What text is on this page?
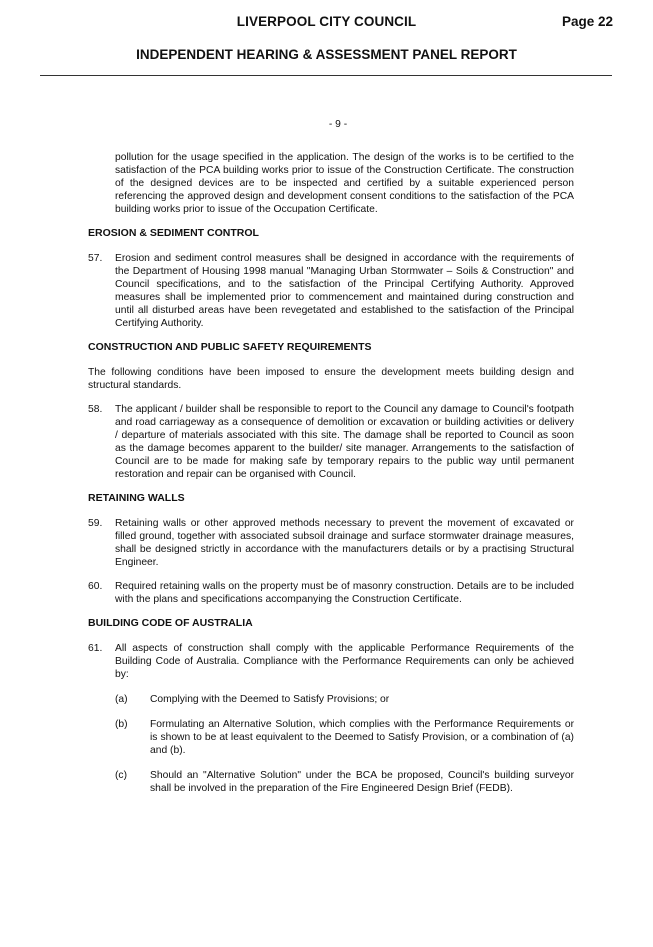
LIVERPOOL CITY COUNCIL	Page 22
INDEPENDENT HEARING & ASSESSMENT PANEL REPORT
- 9 -

pollution for the usage specified in the application. The design of the works is to be certified to the satisfaction of the PCA building works prior to issue of the Construction Certificate. The construction of the designed devices are to be inspected and certified by a suitable experienced person referencing the approved design and development consent conditions to the satisfaction of the PCA building works prior to issue of the Occupation Certificate.

EROSION & SEDIMENT CONTROL
57.	Erosion and sediment control measures shall be designed in accordance with the requirements of the Department of Housing 1998 manual "Managing Urban Stormwater – Soils & Construction" and Council specifications, and to the satisfaction of the Principal Certifying Authority. Approved measures shall be implemented prior to commencement and maintained during construction and until all disturbed areas have been revegetated and established to the satisfaction of the Principal Certifying Authority.
CONSTRUCTION AND PUBLIC SAFETY REQUIREMENTS

The following conditions have been imposed to ensure the development meets building design and structural standards.

58.	The applicant / builder shall be responsible to report to the Council any damage to Council's footpath and road carriageway as a consequence of demolition or excavation or building activities or delivery / departure of materials associated with this site. The damage shall be reported to Council as soon as the damage becomes apparent to the builder/ site manager. Arrangements to the satisfaction of Council are to be made for making safe by temporary repairs to the public way until permanent restoration and repair can be organised with Council.
RETAINING WALLS
59.	Retaining walls or other approved methods necessary to prevent the movement of excavated or filled ground, together with associated subsoil drainage and surface stormwater drainage measures, shall be designed strictly in accordance with the manufacturers details or by a practising Structural Engineer.
60.	Required retaining walls on the property must be of masonry construction. Details are to be included with the plans and specifications accompanying the Construction Certificate.
BUILDING CODE OF AUSTRALIA
61.	All aspects of construction shall comply with the applicable Performance Requirements of the Building Code of Australia. Compliance with the Performance Requirements can only be achieved by:
(a)	Complying with the Deemed to Satisfy Provisions; or
(b)	Formulating an Alternative Solution, which complies with the Performance Requirements or is shown to be at least equivalent to the Deemed to Satisfy Provision, or a combination of (a) and (b).
(c)	Should an "Alternative Solution" under the BCA be proposed, Council's building surveyor shall be involved in the preparation of the Fire Engineered Design Brief (FEDB).
